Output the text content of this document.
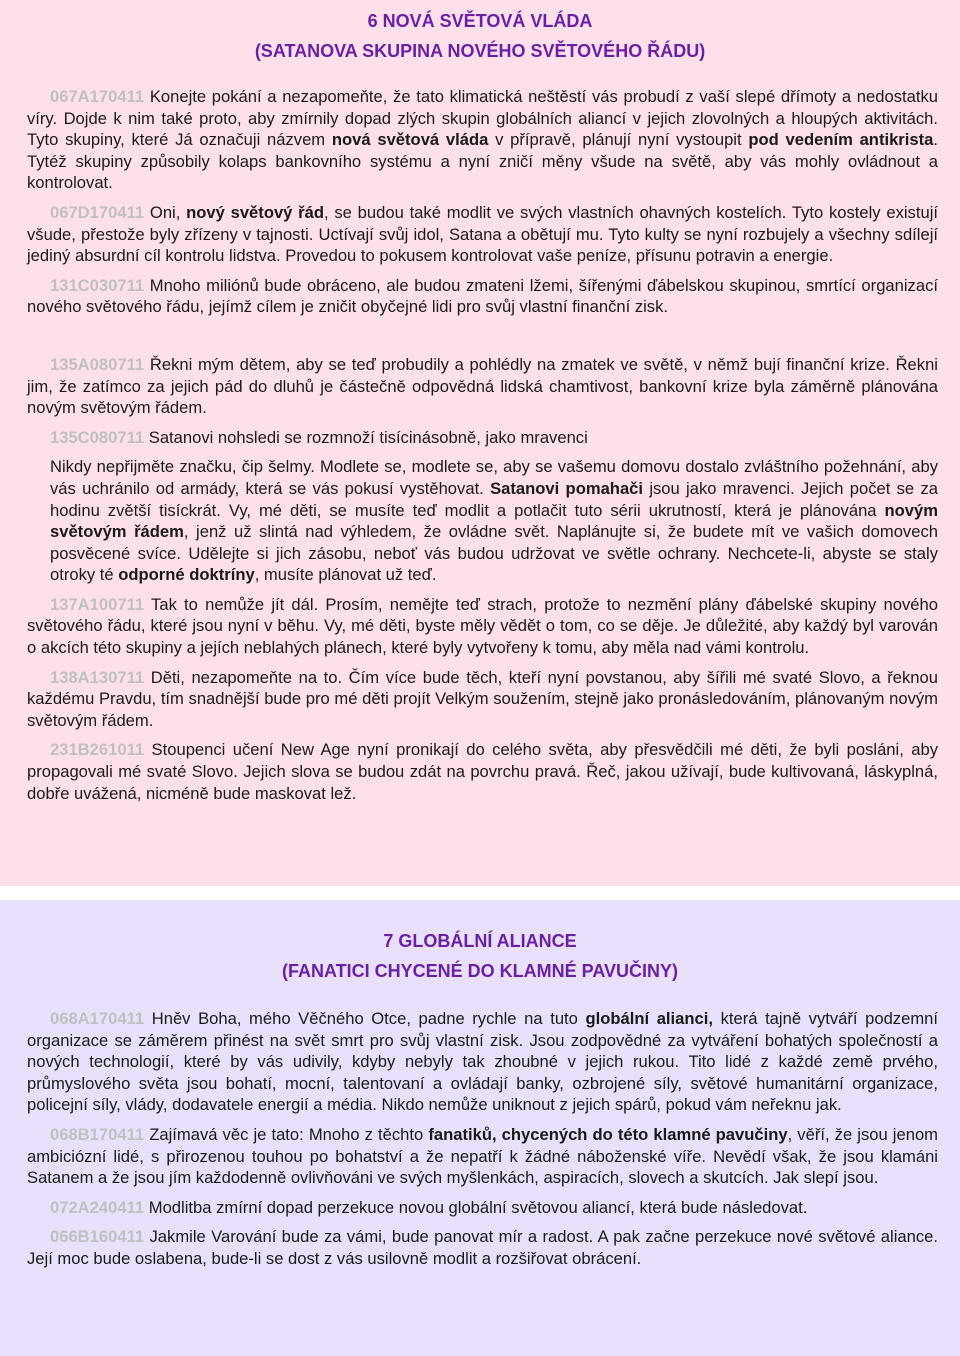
6 NOVÁ SVĚTOVÁ VLÁDA
(SATANOVA SKUPINA NOVÉHO SVĚTOVÉHO ŘÁDU)

067A170411 Konejte pokání a nezapomeňte, že tato klimatická neštěstí vás probudí z vaší slepé dřímoty a nedostatku víry. Dojde k nim také proto, aby zmírnily dopad zlých skupin globálních aliancí v jejich zlovolných a hloupých aktivitách. Tyto skupiny, které Já označuji názvem nová světová vláda v přípravě, plánují nyní vystoupit pod vedením antikrista. Tytéž skupiny způsobily kolaps bankovního systému a nyní zničí měny všude na světě, aby vás mohly ovládnout a kontrolovat.

067D170411 Oni, nový světový řád, se budou také modlit ve svých vlastních ohavných kostelích. Tyto kostely existují všude, přestože byly zřízeny v tajnosti. Uctívají svůj idol, Satana a obětují mu. Tyto kulty se nyní rozbujely a všechny sdílejí jediný absurdní cíl kontrolu lidstva. Provedou to pokusem kontrolovat vaše peníze, přísunu potravin a energie.

131C030711 Mnoho miliónů bude obráceno, ale budou zmateni lžemi, šířenými ďábelskou skupinou, smrtící organizací nového světového řádu, jejímž cílem je zničit obyčejné lidi pro svůj vlastní finanční zisk.

135A080711 Řekni mým dětem, aby se teď probudily a pohlédly na zmatek ve světě, v němž bují finanční krize. Řekni jim, že zatímco za jejich pád do dluhů je částečně odpovědná lidská chamtivost, bankovní krize byla záměrně plánována novým světovým řádem.

135C080711 Satanovi nohsledi se rozmnoží tisícinásobně, jako mravenci

Nikdy nepřijměte značku, čip šelmy. Modlete se, modlete se, aby se vašemu domovu dostalo zvláštního požehnání, aby vás uchránilo od armády, která se vás pokusí vystěhovat. Satanovi pomahači jsou jako mravenci. Jejich počet se za hodinu zvětší tisíckrát. Vy, mé děti, se musíte teď modlit a potlačit tuto sérii ukrutností, která je plánována novým světovým řádem, jenž už slintá nad výhledem, že ovládne svět. Naplánujte si, že budete mít ve vašich domovech posvěcené svíce. Udělejte si jich zásobu, neboť vás budou udržovat ve světle ochrany. Nechcete-li, abyste se staly otroky té odporné doktríny, musíte plánovat už teď.

137A100711 Tak to nemůže jít dál. Prosím, nemějte teď strach, protože to nezmění plány ďábelské skupiny nového světového řádu, které jsou nyní v běhu. Vy, mé děti, byste měly vědět o tom, co se děje. Je důležité, aby každý byl varován o akcích této skupiny a jejích neblahých plánech, které byly vytvořeny k tomu, aby měla nad vámi kontrolu.

138A130711 Děti, nezapomeňte na to. Čím více bude těch, kteří nyní povstanou, aby šířili mé svaté Slovo, a řeknou každému Pravdu, tím snadnější bude pro mé děti projít Velkým soužením, stejně jako pronásledováním, plánovaným novým světovým řádem.

231B261011 Stoupenci učení New Age nyní pronikají do celého světa, aby přesvědčili mé děti, že byli posláni, aby propagovali mé svaté Slovo. Jejich slova se budou zdát na povrchu pravá. Řeč, jakou užívají, bude kultivovaná, láskyplná, dobře uvážená, nicméně bude maskovat lež.

7 GLOBÁLNÍ ALIANCE
(FANATICI CHYCENÉ DO KLAMNÉ PAVUČINY)

068A170411 Hněv Boha, mého Věčného Otce, padne rychle na tuto globální alianci, která tajně vytváří podzemní organizace se záměrem přinést na svět smrt pro svůj vlastní zisk. Jsou zodpovědné za vytváření bohatých společností a nových technologií, které by vás udivily, kdyby nebyly tak zhoubné v jejich rukou. Tito lidé z každé země prvého, průmyslového světa jsou bohatí, mocní, talentovaní a ovládají banky, ozbrojené síly, světové humanitární organizace, policejní síly, vlády, dodavatele energií a média. Nikdo nemůže uniknout z jejich spárů, pokud vám neřeknu jak.

068B170411 Zajímavá věc je tato: Mnoho z těchto fanatiků, chycených do této klamné pavučiny, věří, že jsou jenom ambiciózní lidé, s přirozenou touhou po bohatství a že nepatří k žádné náboženské víře. Nevědí však, že jsou klamáni Satanem a že jsou jím každodenně ovlivňováni ve svých myšlenkách, aspiracích, slovech a skutcích. Jak slepí jsou.

072A240411 Modlitba zmírní dopad perzekuce novou globální světovou aliancí, která bude následovat.

066B160411 Jakmile Varování bude za vámi, bude panovat mír a radost. A pak začne perzekuce nové světové aliance. Její moc bude oslabena, bude-li se dost z vás usilovně modlit a rozšiřovat obrácení.
